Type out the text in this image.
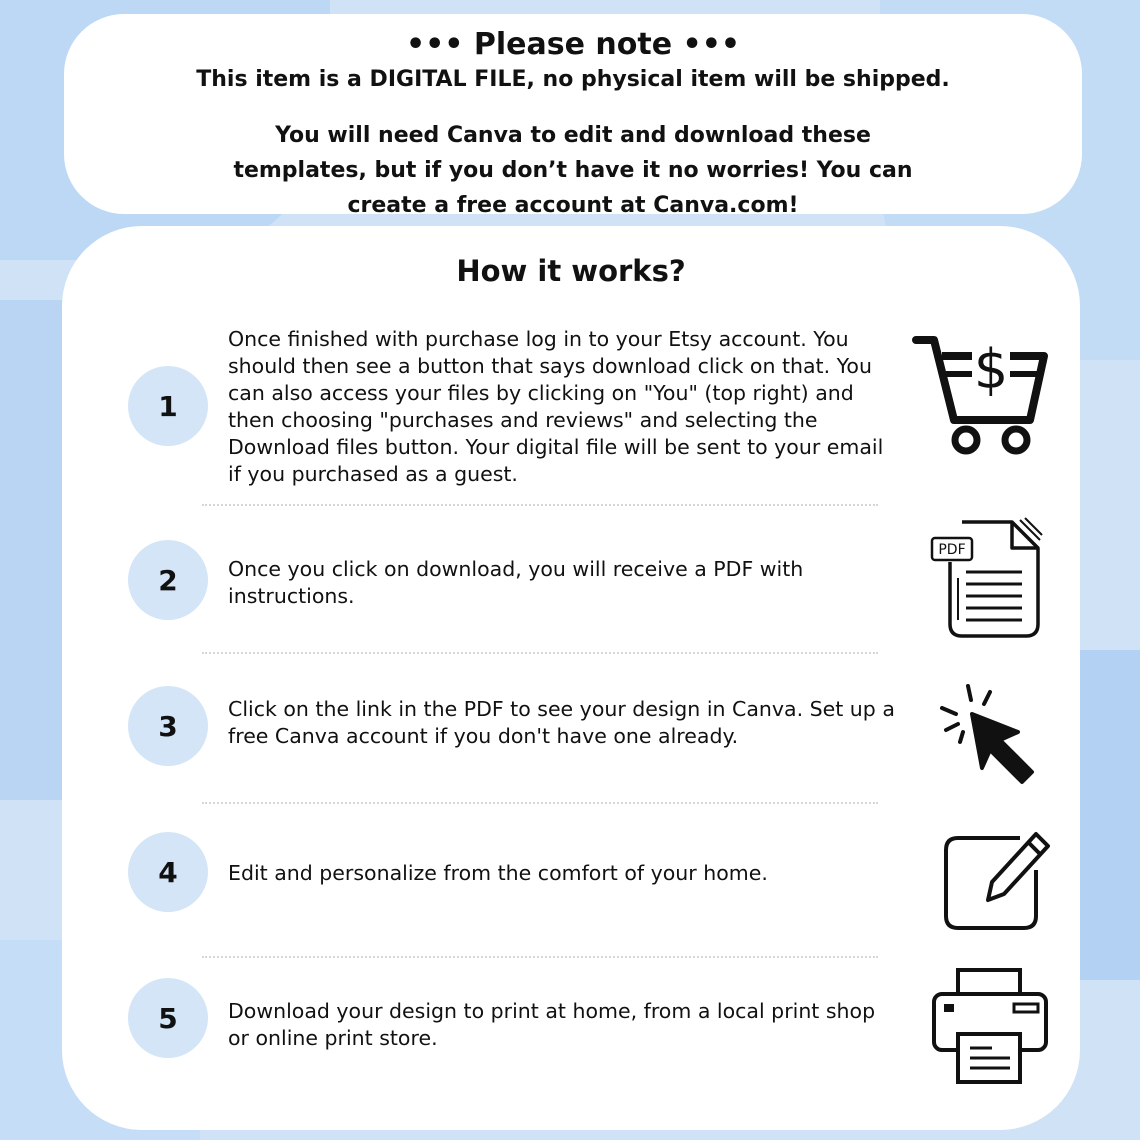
••• Please note •••
This item is a DIGITAL FILE, no physical item will be shipped.
You will need Canva to edit and download these templates, but if you don’t have it no worries! You can create a free account at Canva.com!
How it works?
1
Once finished with purchase log in to your Etsy account. You should then see a button that says download click on that. You can also access your files by clicking on "You" (top right) and then choosing "purchases and reviews" and selecting the Download files button. Your digital file will be sent to your email if you purchased as a guest.
$
2	Once you click on download, you will receive a PDF with instructions.
PDF
3
Click on the link in the PDF to see your design in Canva. Set up a free Canva account if you don't have one already.
4	Edit and personalize from the comfort of your home.
5	Download your design to print at home, from a local print shop or online print store.
